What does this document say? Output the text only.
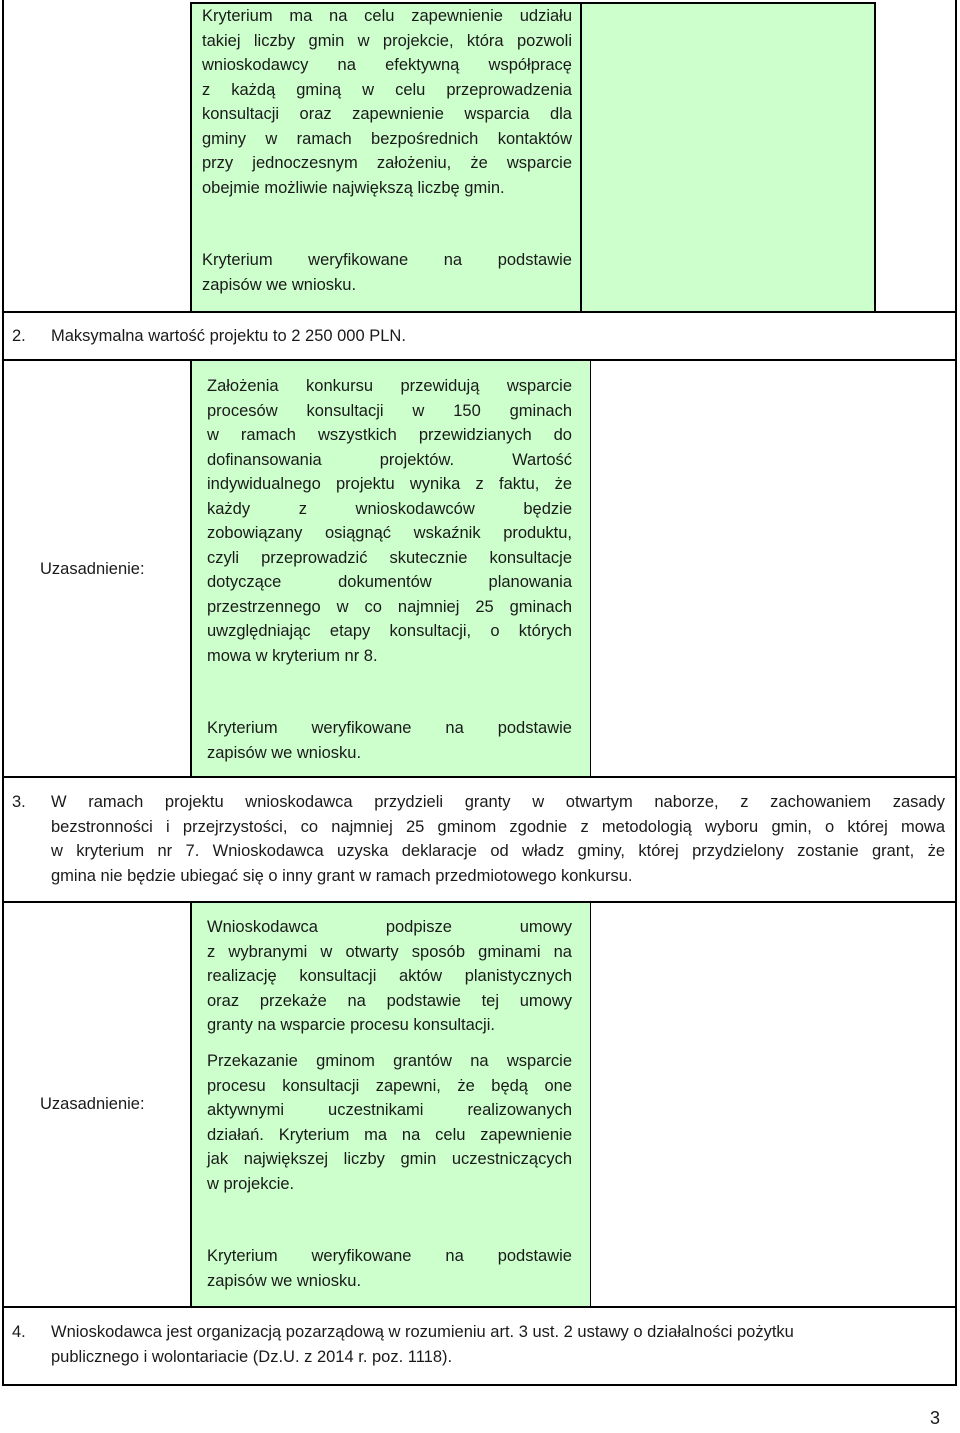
Kryterium ma na celu zapewnienie udziału
takiej liczby gmin w projekcie, która pozwoli
wnioskodawcy na efektywną współpracę
z każdą gminą w celu przeprowadzenia
konsultacji oraz zapewnienie wsparcia dla
gminy w ramach bezpośrednich kontaktów
przy jednoczesnym założeniu, że wsparcie
obejmie możliwie największą liczbę gmin.
Kryterium weryfikowane na podstawie
zapisów we wniosku.
2. Maksymalna wartość projektu to 2 250 000 PLN.
Uzasadnienie:
Założenia konkursu przewidują wsparcie
procesów konsultacji w 150 gminach
w ramach wszystkich przewidzianych do
dofinansowania projektów. Wartość
indywidualnego projektu wynika z faktu, że
każdy z wnioskodawców będzie
zobowiązany osiągnąć wskaźnik produktu,
czyli przeprowadzić skutecznie konsultacje
dotyczące dokumentów planowania
przestrzennego w co najmniej 25 gminach
uwzględniając etapy konsultacji, o których
mowa w kryterium nr 8.
Kryterium weryfikowane na podstawie
zapisów we wniosku.
3. W ramach projektu wnioskodawca przydzieli granty w otwartym naborze, z zachowaniem zasady
bezstronności i przejrzystości, co najmniej 25 gminom zgodnie z metodologią wyboru gmin, o której mowa
w kryterium nr 7. Wnioskodawca uzyska deklaracje od władz gminy, której przydzielony zostanie grant, że
gmina nie będzie ubiegać się o inny grant w ramach przedmiotowego konkursu.
Uzasadnienie:
Wnioskodawca podpisze umowy
z wybranymi w otwarty sposób gminami na
realizację konsultacji aktów planistycznych
oraz przekaże na podstawie tej umowy
granty na wsparcie procesu konsultacji.
Przekazanie gminom grantów na wsparcie
procesu konsultacji zapewni, że będą one
aktywnymi uczestnikami realizowanych
działań. Kryterium ma na celu zapewnienie
jak największej liczby gmin uczestniczących
w projekcie.
Kryterium weryfikowane na podstawie
zapisów we wniosku.
4. Wnioskodawca jest organizacją pozarządową w rozumieniu art. 3 ust. 2 ustawy o działalności pożytku
publicznego i wolontariacie (Dz.U. z 2014 r. poz. 1118).
3
